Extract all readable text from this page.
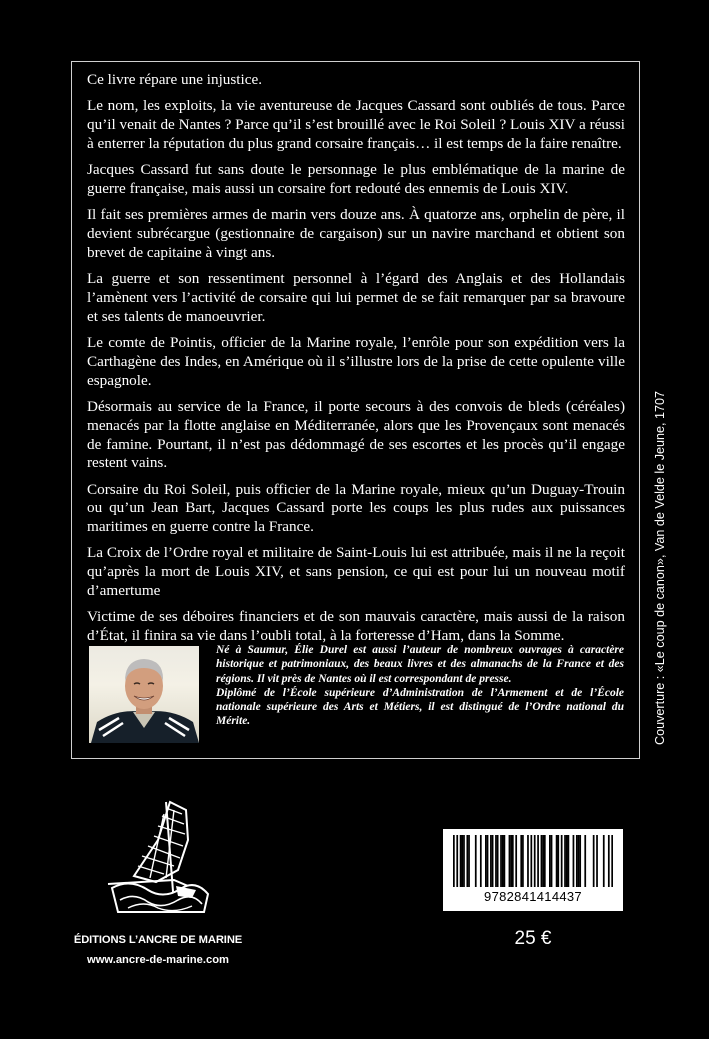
Ce livre répare une injustice.

Le nom, les exploits, la vie aventureuse de Jacques Cassard sont oubliés de tous. Parce qu’il venait de Nantes ? Parce qu’il s’est brouillé avec le Roi Soleil ? Louis XIV a réussi à enterrer la réputation du plus grand corsaire français… il est temps de la faire renaître.

Jacques Cassard fut sans doute le personnage le plus emblématique de la marine de guerre française, mais aussi un corsaire fort redouté des ennemis de Louis XIV.

Il fait ses premières armes de marin vers douze ans. À quatorze ans, orphelin de père, il devient subrécargue (gestionnaire de cargaison) sur un navire marchand et obtient son brevet de capitaine à vingt ans.

La guerre et son ressentiment personnel à l’égard des Anglais et des Hollandais l’amènent vers l’activité de corsaire qui lui permet de se fait remarquer par sa bravoure et ses talents de manoeuvrier.

Le comte de Pointis, officier de la Marine royale, l’enrôle pour son expédition vers la Carthagène des Indes, en Amérique où il s’illustre lors de la prise de cette opulente ville espagnole.

Désormais au service de la France, il porte secours à des convois de bleds (céréales) menacés par la flotte anglaise en Méditerranée, alors que les Provençaux sont menacés de famine. Pourtant, il n’est pas dédommagé de ses escortes et les procès qu’il engage restent vains.

Corsaire du Roi Soleil, puis officier de la Marine royale, mieux qu’un Duguay-Trouin ou qu’un Jean Bart, Jacques Cassard porte les coups les plus rudes aux puissances maritimes en guerre contre la France.

La Croix de l’Ordre royal et militaire de Saint-Louis lui est attribuée, mais il ne la reçoit qu’après la mort de Louis XIV, et sans pension, ce qui est pour lui un nouveau motif d’amertume

Victime de ses déboires financiers et de son mauvais caractère, mais aussi de la raison d’État, il finira sa vie dans l’oubli total, à la forteresse d’Ham, dans la Somme.

Né à Saumur, Élie Durel est aussi l’auteur de nombreux ouvrages à caractère historique et patrimoniaux, des beaux livres et des almanachs de la France et des régions. Il vit près de Nantes où il est correspondant de presse.

Diplômé de l’École supérieure d’Administration de l’Armement et de l’École nationale supérieure des Arts et Métiers, il est distingué de l’Ordre national du Mérite.	Couverture : «Le coup de canon», Van de Velde le Jeune, 1707
ÉDITIONS L’ANCRE DE MARINE
www.ancre-de-marine.com
9782841414437
25 €
